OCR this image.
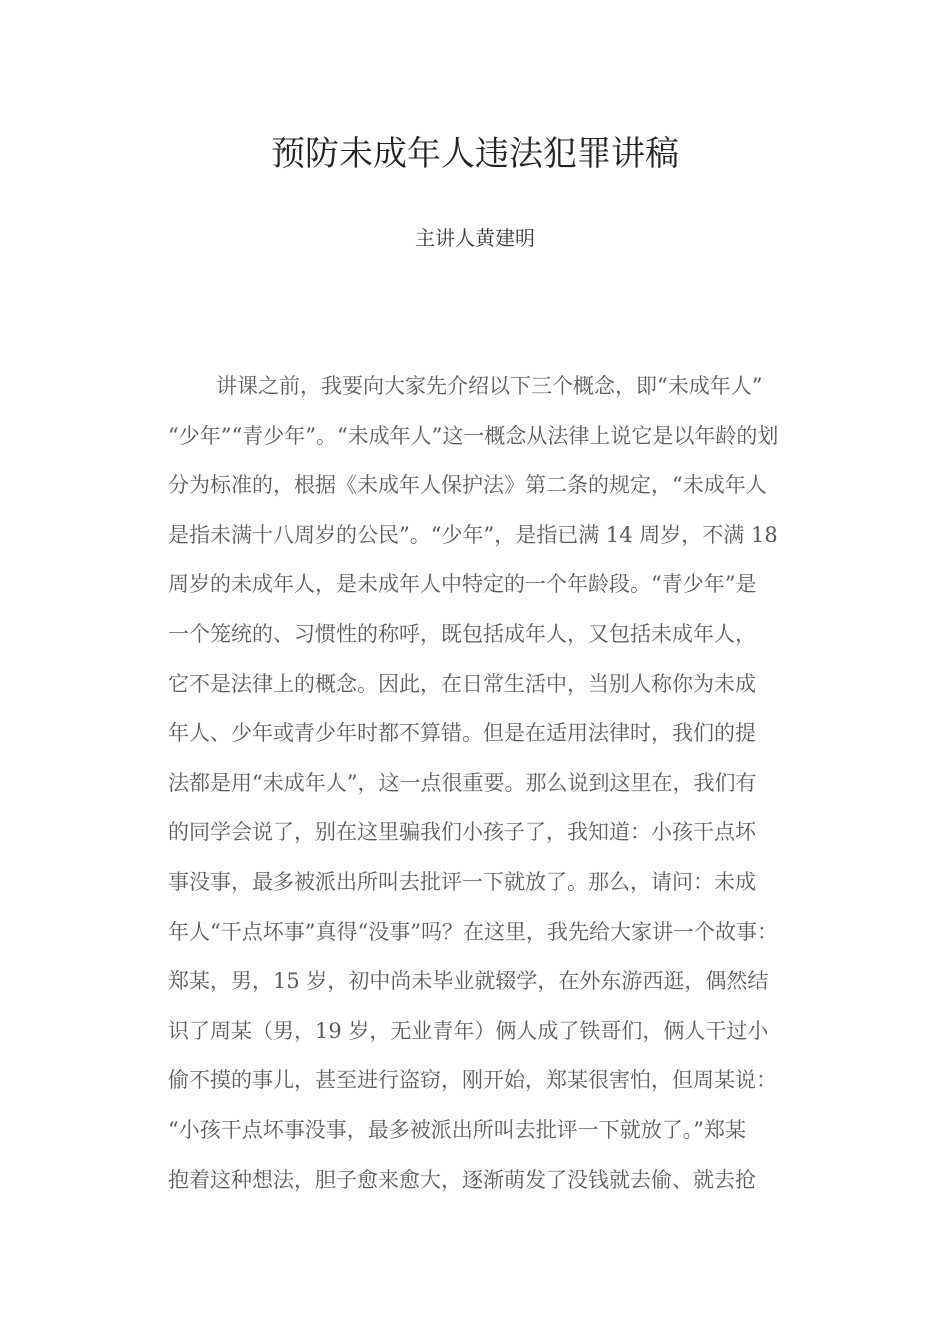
预防未成年人违法犯罪讲稿
主讲人黄建明
讲课之前，我要向大家先介绍以下三个概念，即“未成年人”
“少年”“青少年”。“未成年人”这一概念从法律上说它是以年龄的划
分为标准的，根据《未成年人保护法》第二条的规定，“未成年人
是指未满十八周岁的公民”。“少年”，是指已满 14 周岁，不满 18
周岁的未成年人，是未成年人中特定的一个年龄段。“青少年”是
一个笼统的、习惯性的称呼，既包括成年人，又包括未成年人，
它不是法律上的概念。因此，在日常生活中，当别人称你为未成
年人、少年或青少年时都不算错。但是在适用法律时，我们的提
法都是用“未成年人”，这一点很重要。那么说到这里在，我们有
的同学会说了，别在这里骗我们小孩子了，我知道：小孩干点坏
事没事，最多被派出所叫去批评一下就放了。那么，请问：未成
年人“干点坏事”真得“没事”吗？在这里，我先给大家讲一个故事：
郑某，男，15 岁，初中尚未毕业就辍学，在外东游西逛，偶然结
识了周某（男，19 岁，无业青年）俩人成了铁哥们，俩人干过小
偷不摸的事儿，甚至进行盗窃，刚开始，郑某很害怕，但周某说：
“小孩干点坏事没事，最多被派出所叫去批评一下就放了。”郑某
抱着这种想法，胆子愈来愈大，逐渐萌发了没钱就去偷、就去抢
